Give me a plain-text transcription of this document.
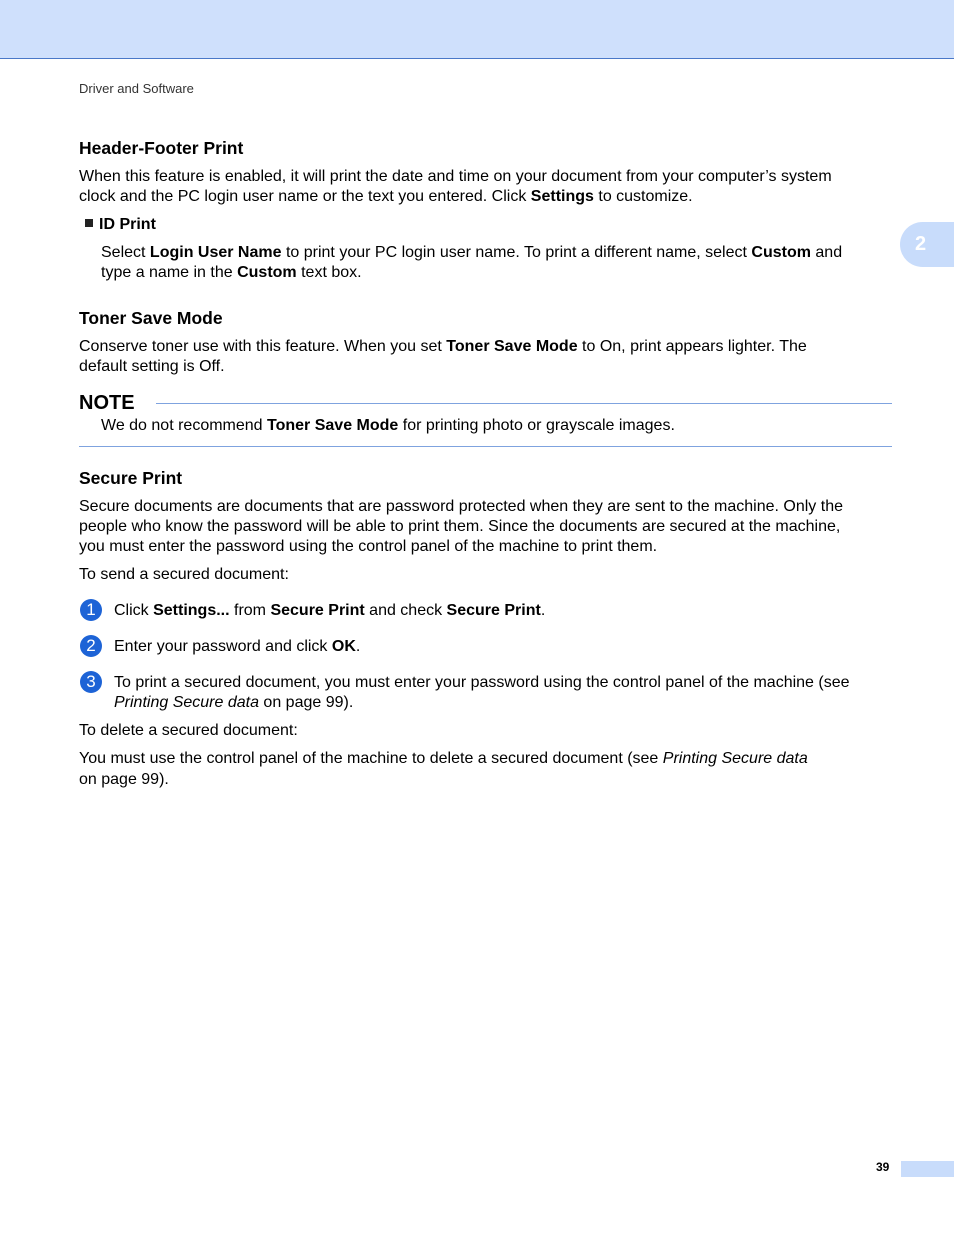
Driver and Software
2
Header-Footer Print

When this feature is enabled, it will print the date and time on your document from your computer’s system

clock and the PC login user name or the text you entered. Click Settings to customize.

ID Print

Select Login User Name to print your PC login user name. To print a different name, select Custom and

type a name in the Custom text box.

Toner Save Mode

Conserve toner use with this feature. When you set Toner Save Mode to On, print appears lighter. The

default setting is Off.

NOTE

We do not recommend Toner Save Mode for printing photo or grayscale images.

Secure Print

Secure documents are documents that are password protected when they are sent to the machine. Only the

people who know the password will be able to print them. Since the documents are secured at the machine,

you must enter the password using the control panel of the machine to print them.

To send a secured document:

1	Click Settings... from Secure Print and check Secure Print.

2	Enter your password and click OK.

3	To print a secured document, you must enter your password using the control panel of the machine (see

Printing Secure data on page 99).

To delete a secured document:

You must use the control panel of the machine to delete a secured document (see Printing Secure data

on page 99).

39
